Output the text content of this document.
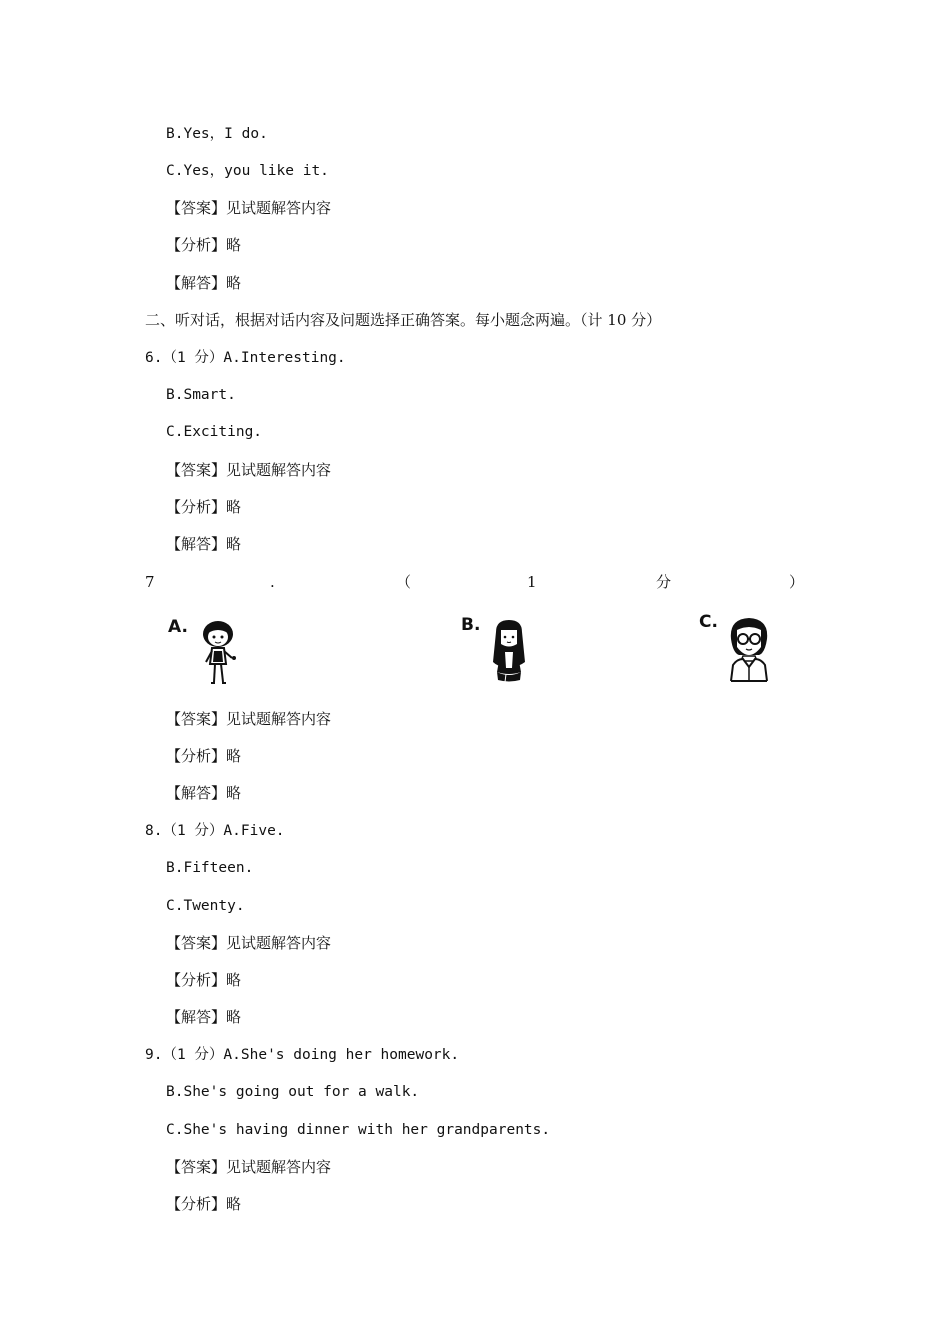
B.Yes，I do.
C.Yes，you like it.
【答案】见试题解答内容
【分析】略
【解答】略
二、听对话，根据对话内容及问题选择正确答案。每小题念两遍。（计 10 分）
6.（1 分）A.Interesting.
B.Smart.
C.Exciting.
【答案】见试题解答内容
【分析】略
【解答】略

7

	.

	（

	1

	分

	）

A.	B.	C.
【答案】见试题解答内容
【分析】略
【解答】略
8.（1 分）A.Five.
B.Fifteen.
C.Twenty.
【答案】见试题解答内容
【分析】略
【解答】略
9.（1 分）A.She's doing her homework.
B.She's going out for a walk.
C.She's having dinner with her grandparents.
【答案】见试题解答内容
【分析】略
